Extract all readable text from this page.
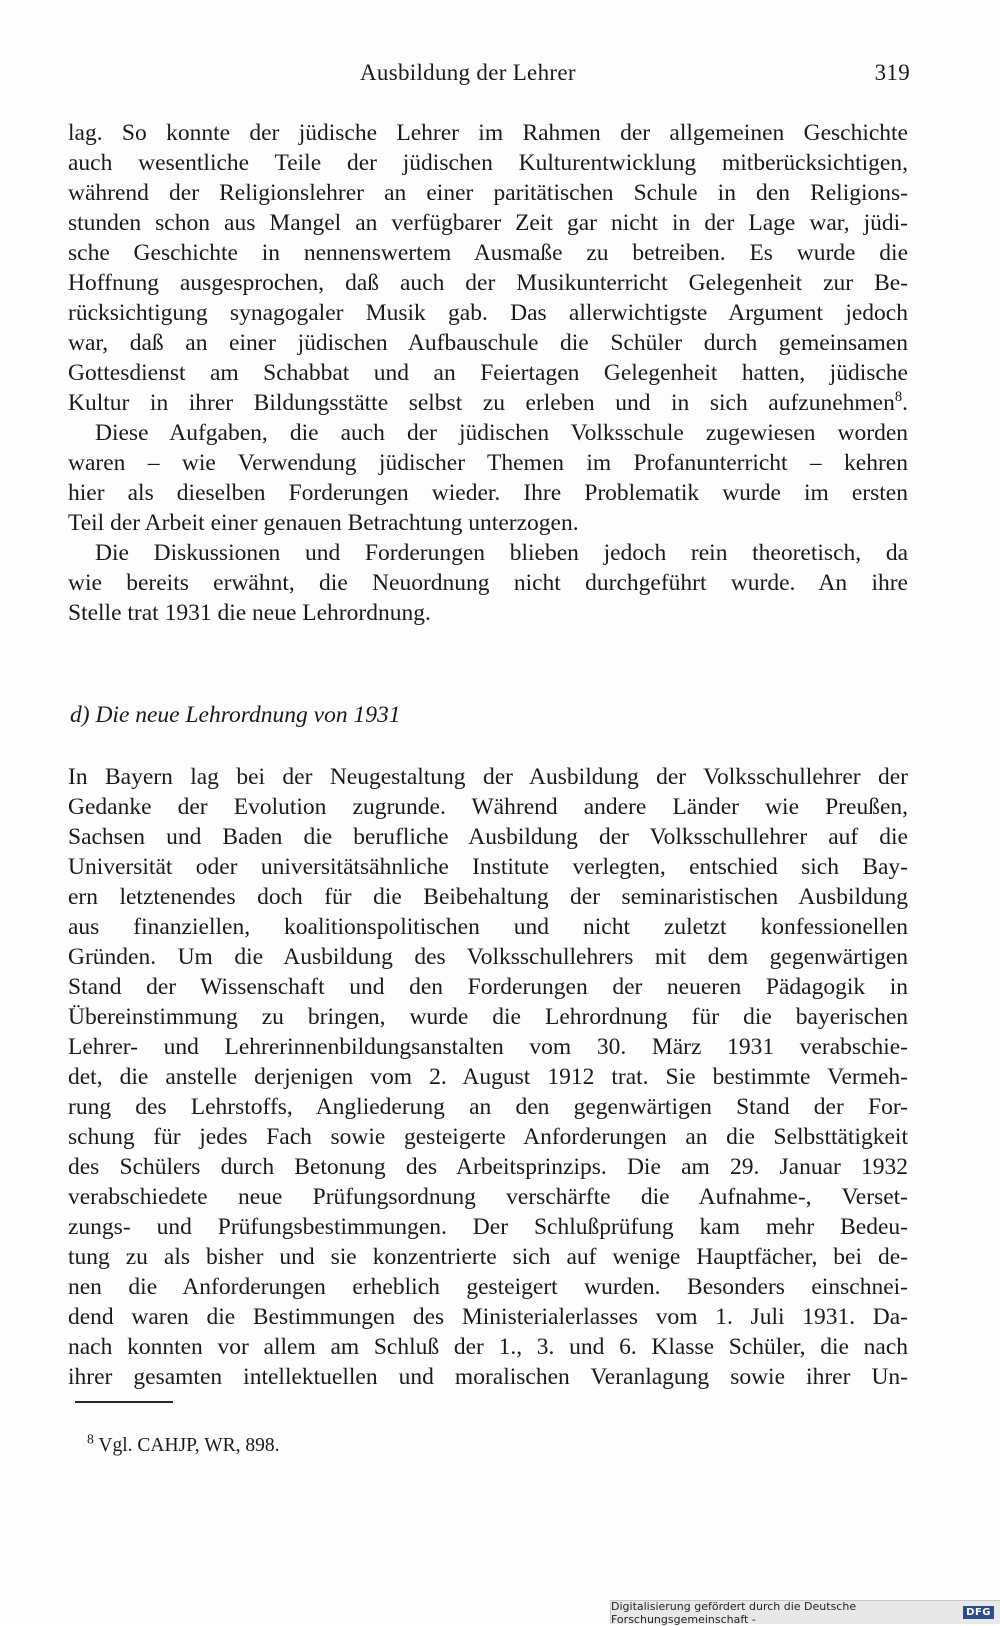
Ausbildung der Lehrer	319
lag. So konnte der jüdische Lehrer im Rahmen der allgemeinen Geschichte
auch wesentliche Teile der jüdischen Kulturentwicklung mitberücksichtigen,
während der Religionslehrer an einer paritätischen Schule in den Religions-
stunden schon aus Mangel an verfügbarer Zeit gar nicht in der Lage war, jüdi-
sche Geschichte in nennenswertem Ausmaße zu betreiben. Es wurde die
Hoffnung ausgesprochen, daß auch der Musikunterricht Gelegenheit zur Be-
rücksichtigung synagogaler Musik gab. Das allerwichtigste Argument jedoch
war, daß an einer jüdischen Aufbauschule die Schüler durch gemeinsamen
Gottesdienst am Schabbat und an Feiertagen Gelegenheit hatten, jüdische
Kultur in ihrer Bildungsstätte selbst zu erleben und in sich aufzunehmen$^8$.
Diese Aufgaben, die auch der jüdischen Volksschule zugewiesen worden
waren – wie Verwendung jüdischer Themen im Profanunterricht – kehren
hier als dieselben Forderungen wieder. Ihre Problematik wurde im ersten
Teil der Arbeit einer genauen Betrachtung unterzogen.
Die Diskussionen und Forderungen blieben jedoch rein theoretisch, da
wie bereits erwähnt, die Neuordnung nicht durchgeführt wurde. An ihre
Stelle trat 1931 die neue Lehrordnung.
d) Die neue Lehrordnung von 1931
In Bayern lag bei der Neugestaltung der Ausbildung der Volksschullehrer der
Gedanke der Evolution zugrunde. Während andere Länder wie Preußen,
Sachsen und Baden die berufliche Ausbildung der Volksschullehrer auf die
Universität oder universitätsähnliche Institute verlegten, entschied sich Bay-
ern letztenendes doch für die Beibehaltung der seminaristischen Ausbildung
aus finanziellen, koalitionspolitischen und nicht zuletzt konfessionellen
Gründen. Um die Ausbildung des Volksschullehrers mit dem gegenwärtigen
Stand der Wissenschaft und den Forderungen der neueren Pädagogik in
Übereinstimmung zu bringen, wurde die Lehrordnung für die bayerischen
Lehrer- und Lehrerinnenbildungsanstalten vom 30. März 1931 verabschie-
det, die anstelle derjenigen vom 2. August 1912 trat. Sie bestimmte Vermeh-
rung des Lehrstoffs, Angliederung an den gegenwärtigen Stand der For-
schung für jedes Fach sowie gesteigerte Anforderungen an die Selbsttätigkeit
des Schülers durch Betonung des Arbeitsprinzips. Die am 29. Januar 1932
verabschiedete neue Prüfungsordnung verschärfte die Aufnahme-, Verset-
zungs- und Prüfungsbestimmungen. Der Schlußprüfung kam mehr Bedeu-
tung zu als bisher und sie konzentrierte sich auf wenige Hauptfächer, bei de-
nen die Anforderungen erheblich gesteigert wurden. Besonders einschnei-
dend waren die Bestimmungen des Ministerialerlasses vom 1. Juli 1931. Da-
nach konnten vor allem am Schluß der 1., 3. und 6. Klasse Schüler, die nach
ihrer gesamten intellektuellen und moralischen Veranlagung sowie ihrer Un-
$^8$ Vgl. CAHJP, WR, 898.
Digitalisierung gefördert durch die Deutsche Forschungsgemeinschaft -	DFG
